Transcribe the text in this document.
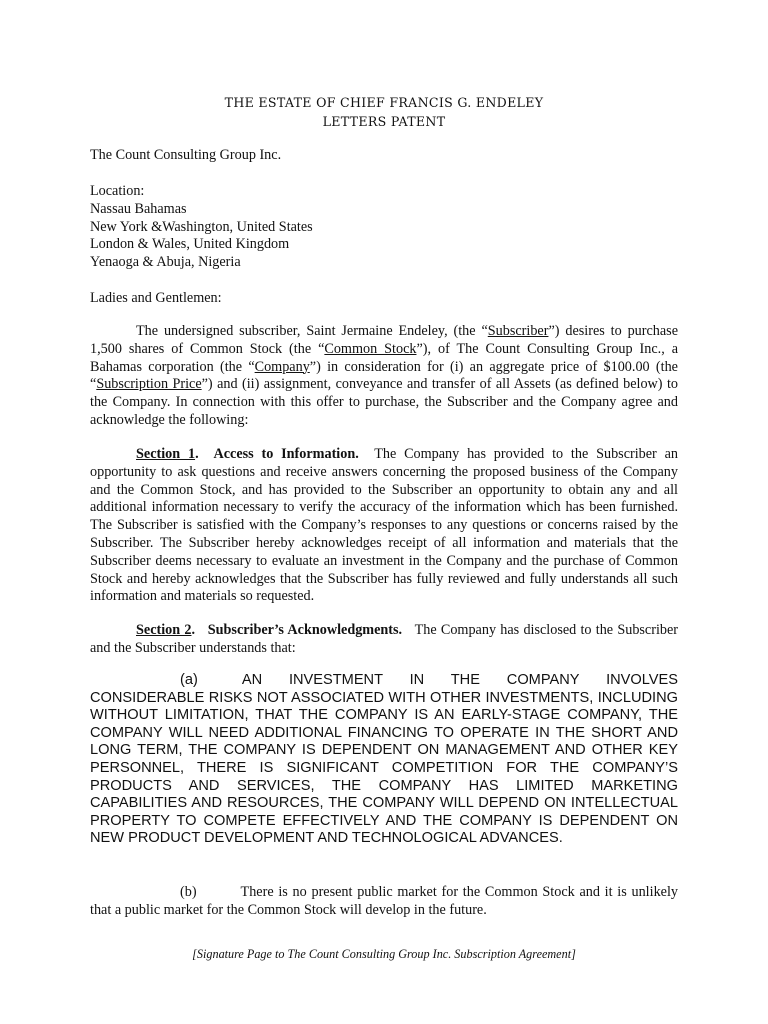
THE ESTATE OF CHIEF FRANCIS G. ENDELEY
LETTERS PATENT
The Count Consulting Group Inc.
Location:
Nassau Bahamas
New York &Washington, United States
London & Wales, United Kingdom
Yenaoga & Abuja, Nigeria
Ladies and Gentlemen:
The undersigned subscriber, Saint Jermaine Endeley, (the “Subscriber”) desires to purchase 1,500 shares of Common Stock (the “Common Stock”), of The Count Consulting Group Inc., a Bahamas corporation (the “Company”) in consideration for (i) an aggregate price of $100.00 (the “Subscription Price”) and (ii) assignment, conveyance and transfer of all Assets (as defined below) to the Company. In connection with this offer to purchase, the Subscriber and the Company agree and acknowledge the following:
Section 1.  Access to Information. The Company has provided to the Subscriber an opportunity to ask questions and receive answers concerning the proposed business of the Company and the Common Stock, and has provided to the Subscriber an opportunity to obtain any and all additional information necessary to verify the accuracy of the information which has been furnished. The Subscriber is satisfied with the Company’s responses to any questions or concerns raised by the Subscriber. The Subscriber hereby acknowledges receipt of all information and materials that the Subscriber deems necessary to evaluate an investment in the Company and the purchase of Common Stock and hereby acknowledges that the Subscriber has fully reviewed and fully understands all such information and materials so requested.
Section 2.   Subscriber’s Acknowledgments. The Company has disclosed to the Subscriber and the Subscriber understands that:
(a)	AN INVESTMENT IN THE COMPANY INVOLVES CONSIDERABLE RISKS NOT ASSOCIATED WITH OTHER INVESTMENTS, INCLUDING WITHOUT LIMITATION, THAT THE COMPANY IS AN EARLY-STAGE COMPANY, THE COMPANY WILL NEED ADDITIONAL FINANCING TO OPERATE IN THE SHORT AND LONG TERM, THE COMPANY IS DEPENDENT ON MANAGEMENT AND OTHER KEY PERSONNEL, THERE IS SIGNIFICANT COMPETITION FOR THE COMPANY’S PRODUCTS AND SERVICES, THE COMPANY HAS LIMITED MARKETING CAPABILITIES AND RESOURCES, THE COMPANY WILL DEPEND ON INTELLECTUAL PROPERTY TO COMPETE EFFECTIVELY AND THE COMPANY IS DEPENDENT ON NEW PRODUCT DEVELOPMENT AND TECHNOLOGICAL ADVANCES.
(b)	There is no present public market for the Common Stock and it is unlikely that a public market for the Common Stock will develop in the future.
[Signature Page to The Count Consulting Group Inc. Subscription Agreement]
